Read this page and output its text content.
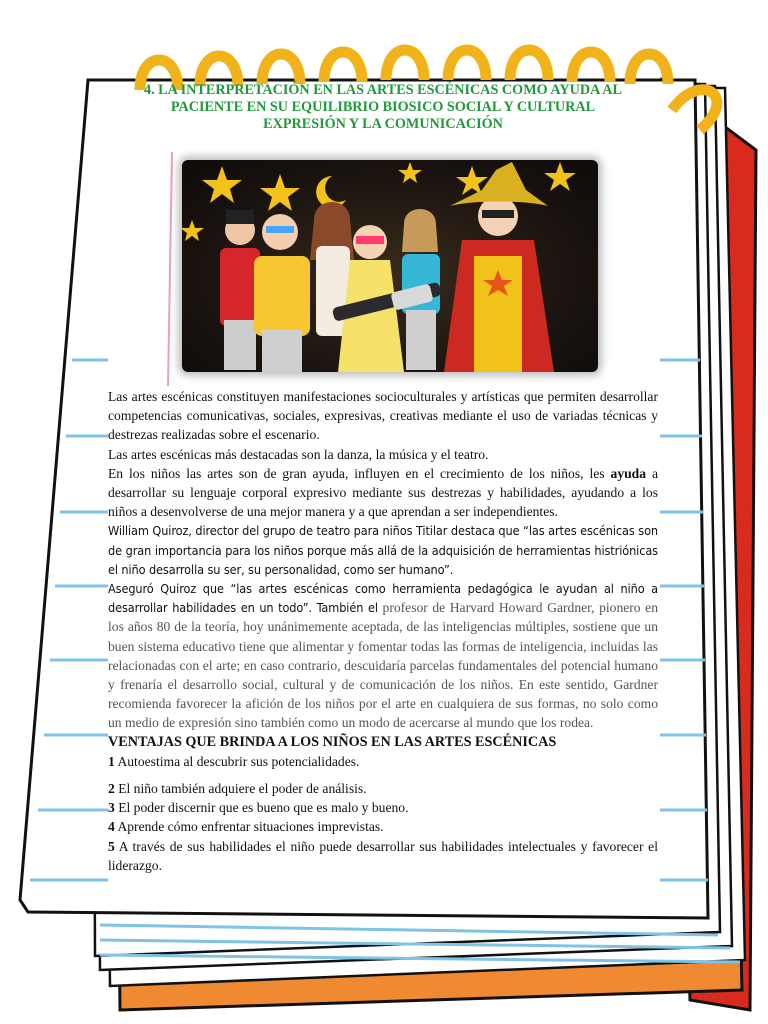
4. LA INTERPRETACIÓN EN LAS ARTES ESCÉNICAS COMO AYUDA AL

PACIENTE EN SU EQUILIBRIO BIOSICO SOCIAL Y CULTURAL

EXPRESIÓN Y LA COMUNICACIÓN

Las artes escénicas constituyen manifestaciones socioculturales y artísticas que permiten desarrollar competencias comunicativas, sociales, expresivas, creativas mediante el uso de variadas técnicas y destrezas realizadas sobre el escenario.

Las artes escénicas más destacadas son la danza, la música y el teatro.

En los niños las artes son de gran ayuda, influyen en el crecimiento de los niños, les ayuda a desarrollar su lenguaje corporal expresivo mediante sus destrezas y habilidades, ayudando a los niños a desenvolverse de una mejor manera y a que aprendan a ser independientes.

William Quiroz, director del grupo de teatro para niños Titilar destaca que “las artes escénicas son de gran importancia para los niños porque más allá de la adquisición de herramientas histriónicas el niño desarrolla su ser, su personalidad, como ser humano”.

Aseguró Quiroz que “las artes escénicas como herramienta pedagógica le ayudan al niño a desarrollar habilidades en un todo”. También el profesor de Harvard Howard Gardner, pionero en los años 80 de la teoría, hoy unánimemente aceptada, de las inteligencias múltiples, sostiene que un buen sistema educativo tiene que alimentar y fomentar todas las formas de inteligencia, incluidas las relacionadas con el arte; en caso contrario, descuidaría parcelas fundamentales del potencial humano y frenaría el desarrollo social, cultural y de comunicación de los niños. En este sentido, Gardner recomienda favorecer la afición de los niños por el arte en cualquiera de sus formas, no solo como un medio de expresión sino también como un modo de acercarse al mundo que los rodea.

VENTAJAS QUE BRINDA A LOS NIÑOS EN LAS ARTES ESCÉNICAS

1 Autoestima al descubrir sus potencialidades.

2 El niño también adquiere el poder de análisis.

3 El poder discernir que es bueno que es malo y bueno.

4 Aprende cómo enfrentar situaciones imprevistas.

5 A través de sus habilidades el niño puede desarrollar sus habilidades intelectuales y favorecer el liderazgo.
